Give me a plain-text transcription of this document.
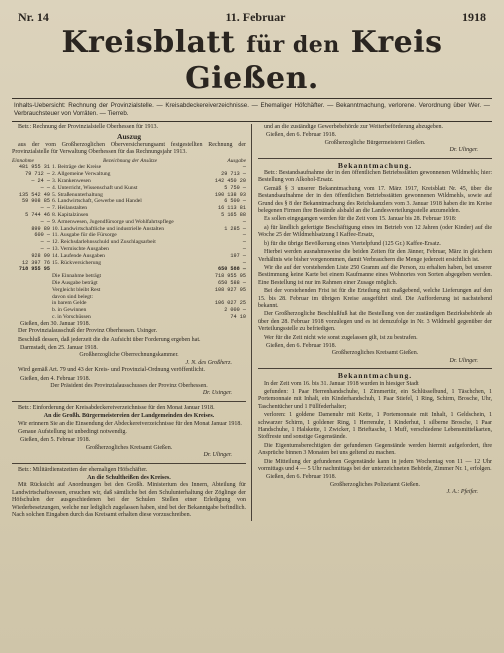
Nr. 14	11. Februar	1918
Kreisblatt für den Kreis Gießen.
Inhalts-Uebersicht: Rechnung der Provinzialstelle. — Kreisabdeckereiverzeichnisse. — Ehemaliger Höfchäfter. — Bekanntmachung, verlorene. Verordnung über Wer. — Verbrauchsteuer von Vorräten. — Tierreb.
Betr.: Rechnung der Provinzialstelle Oberhessen für 1913.
Auszug
aus der vom Großherzoglichen Oberversicherungsamt festgestellten Rechnung der Provinzialstelle für Verwaltung Oberhessen für das Rechnungsjahr 1913.
Einnahme	Bezeichnung der Ansätze	Ausgabe
481 955 31 1. Beiträge der Kreise	—
79 712 — 2. Allgemeine Verwaltung	29 713 —
— 24 — 3. Krankenwesen	142 450 20
— — 4. Unterricht, Wissenschaft und Kunst	5 750 —
135 542 49 5. Straßenunterhaltung	190 138 93
59 908 85 6. Landwirtschaft, Gewerbe und Handel	6 500 —
— — 7. Heilanstalten	16 113 81
5 744 46 8. Kapitalzinsen	5 165 88
— — 9. Armenwesen, Jugendfürsorge und Wohlfahrtspflege	—
899 89 10. Landwirtschaftliche und industrielle Anstalten	1 285 —
600 — 11. Ausgabe für die Fürsorge	—
— — 12. Reichsdarlehnsschuld und Zuschlagsarbeit	—
— — 13. Vermischte Ausgaben	—
928 99 14. Laufende Ausgaben	197 —
12 397 76 15. Rückversicherung	—
718 955 95	650 588 —
Die Einnahme beträgt	718 955 95
Die Ausgabe beträgt	650 588 —
Vergleicht bleibt Rest	108 927 95
davon sind belegt:
in barem Gelde	106 027 25
b. in Gewinnen	2 000 —
c. in Vorschüssen	74 10
Gießen, den 30. Januar 1918.
Der Provinzialausschuß der Provinz Oberhessen. Usinger.
Beschluß dessen, daß jederzeit die die Aufsicht über Forderung ergeben hat.
Darmstadt, den 25. Januar 1918.
Großherzogliche Oberrechnungskammer.
J. N. des Großherz.
Wird gemäß Art. 79 und 43 der Kreis- und Provinzial-Ordnung veröffentlicht.
Gießen, den 4. Februar 1918.
Der Präsident des Provinzialausschusses der Provinz Oberhessen.
Dr. Usinger.
Betr.: Einforderung der Kreisabdeckereiverzeichnisse für den Monat Januar 1918.
An die Großh. Bürgermeistereien der Landgemeinden des Kreises.
Wir erinnern Sie an die Einsendung der Abdeckereiverzeichnisse für den Monat Januar 1918.
Genaue Aufstellung ist unbedingt notwendig.
Gießen, den 5. Februar 1918.
Großherzogliches Kreisamt Gießen.
Dr. Ulinger.
Betr.: Militärdienstzeiten der ehemaligen Höfschäfter.
An die Schultheißen des Kreises.
Mit Rücksicht auf Anordnungen bei den Großh. Ministerium des Innern, Abteilung für Landwirtschaftswesen, ersuchen wir, daß sämtliche bei den Schulunterhaltung der Zöglinge der Höfschulen der ausgeschiedenen bei der Schulen Stellen einer Erledigung von Wiederbesetzungen, welche nur lediglich zugelassen haben, sind bei der Bekanntgabe befindlich. Nach solchen Eingaben durch das Kreisamt erhalten diese vorzuschreiben.
und an die zuständige Gewerbebehörde zur Weiterbeförderung abzugeben.
Gießen, den 6. Februar 1918.
Großherzogliche Bürgermeisterei Gießen.
Dr. Ulinger.
Bekanntmachung.
Betr.: Bestandsaufnahme der in den öffentlichen Betriebsstätten gewonnenen Wildmehls; hier: Bestellung von Alkohol-Ersatz.
Gemäß § 3 unserer Bekanntmachung vom 17. März 1917, Kreisblatt Nr. 45, über die Bestandsaufnahme der in den öffentlichen Betriebsstätten gewonnenen Wildmehls, sowie auf Grund des § 8 der Bekanntmachung des Reichskanzlers vom 3. Januar 1918 haben die im Kreise belegenen Firmen ihre Bestände alsbald an die Landesverteilungsstelle anzumelden.
Es sollen eingegangen werden für die Zeit vom 15. Januar bis 28. Februar 1918:
a) für ländlich gefertigte Beschäftigung eines im Betrieb von 12 Jahren (oder Kinder) auf die Woche 25 der Wildmehlsatzung I Kaffee-Ersatz,
b) für die übrige Bevölkerung eines Viertelpfund (125 Gr.) Kaffee-Ersatz.
Hierbei werden ausnahmsweise die beiden Zeiten für den Jänner, Februar, März in gleichem Verhältnis wie bisher vorgenommen, damit Verbrauchern die Menge jederzeit ersichtlich ist.
Wir die auf der vorstehenden Liste 250 Gramm auf die Person, zu erhalten haben, bei unserer Bestimmung keine Karte bei einem Kaufmanne eines Wohnortes von Sorten abgegeben werden. Eine Bestellung ist nur im Rahmen einer Zusage möglich.
Bei der vorstehenden Frist ist für die Erteilung mit maßgebend, welche Lieferungen auf den 15. bis 28. Februar im übrigen Kreise ausgeführt sind. Die Aufforderung ist nachstehend bekannt.
Der Großherzogliche Beschlußfuß hat die Bestellung von der zuständigen Bezirksbehörde ab über den 28. Februar 1918 vorzulegen und es ist demzufolge in Nr. 3 Wildmehl gegenüber der Verteilungsstelle zu befriedigen.
Wer für die Zeit nicht wie sonst zugelassen gilt, ist zu bestrafen.
Gießen, den 6. Februar 1918.
Großherzogliches Kreisamt Gießen.
Dr. Ulinger.
Bekanntmachung.
In der Zeit vom 16. bis 31. Januar 1918 wurden in hiesiger Stadt
gefunden: 1 Paar Herrenhandschuhe, 1 Zimmertür, ein Schlüsselbund, 1 Täschchen, 1 Portemonnaie mit Inhalt, ein Kinderhandschuh, 1 Paar Stiefel, 1 Ring, Schirm, Brosche, Uhr, Taschentücher und 1 Füllfederhalter;
verloren: 1 goldene Damenuhr mit Kette, 1 Portemonnaie mit Inhalt, 1 Geldschein, 1 schwarzer Schirm, 1 goldener Ring, 1 Herrenuhr, 1 Kinderhut, 1 silberne Brosche, 1 Paar Handschuhe, 1 Halskette, 1 Zwicker, 1 Brieftasche, 1 Muff, verschiedene Lebensmittelkarten, Stoffreste und sonstige Gegenstände.
Die Eigentumsberechtigten der gefundenen Gegenstände werden hiermit aufgefordert, ihre Ansprüche binnen 3 Monaten bei uns geltend zu machen.
Die Mitteilung der gefundenen Gegenstände kann in jedem Wochentag von 11 — 12 Uhr vormittags und 4 — 5 Uhr nachmittags bei der unterzeichneten Behörde, Zimmer Nr. 1, erfolgen.
Gießen, den 6. Februar 1918.
Großherzogliches Polizeiamt Gießen.
J. A.: Pfeifer.
